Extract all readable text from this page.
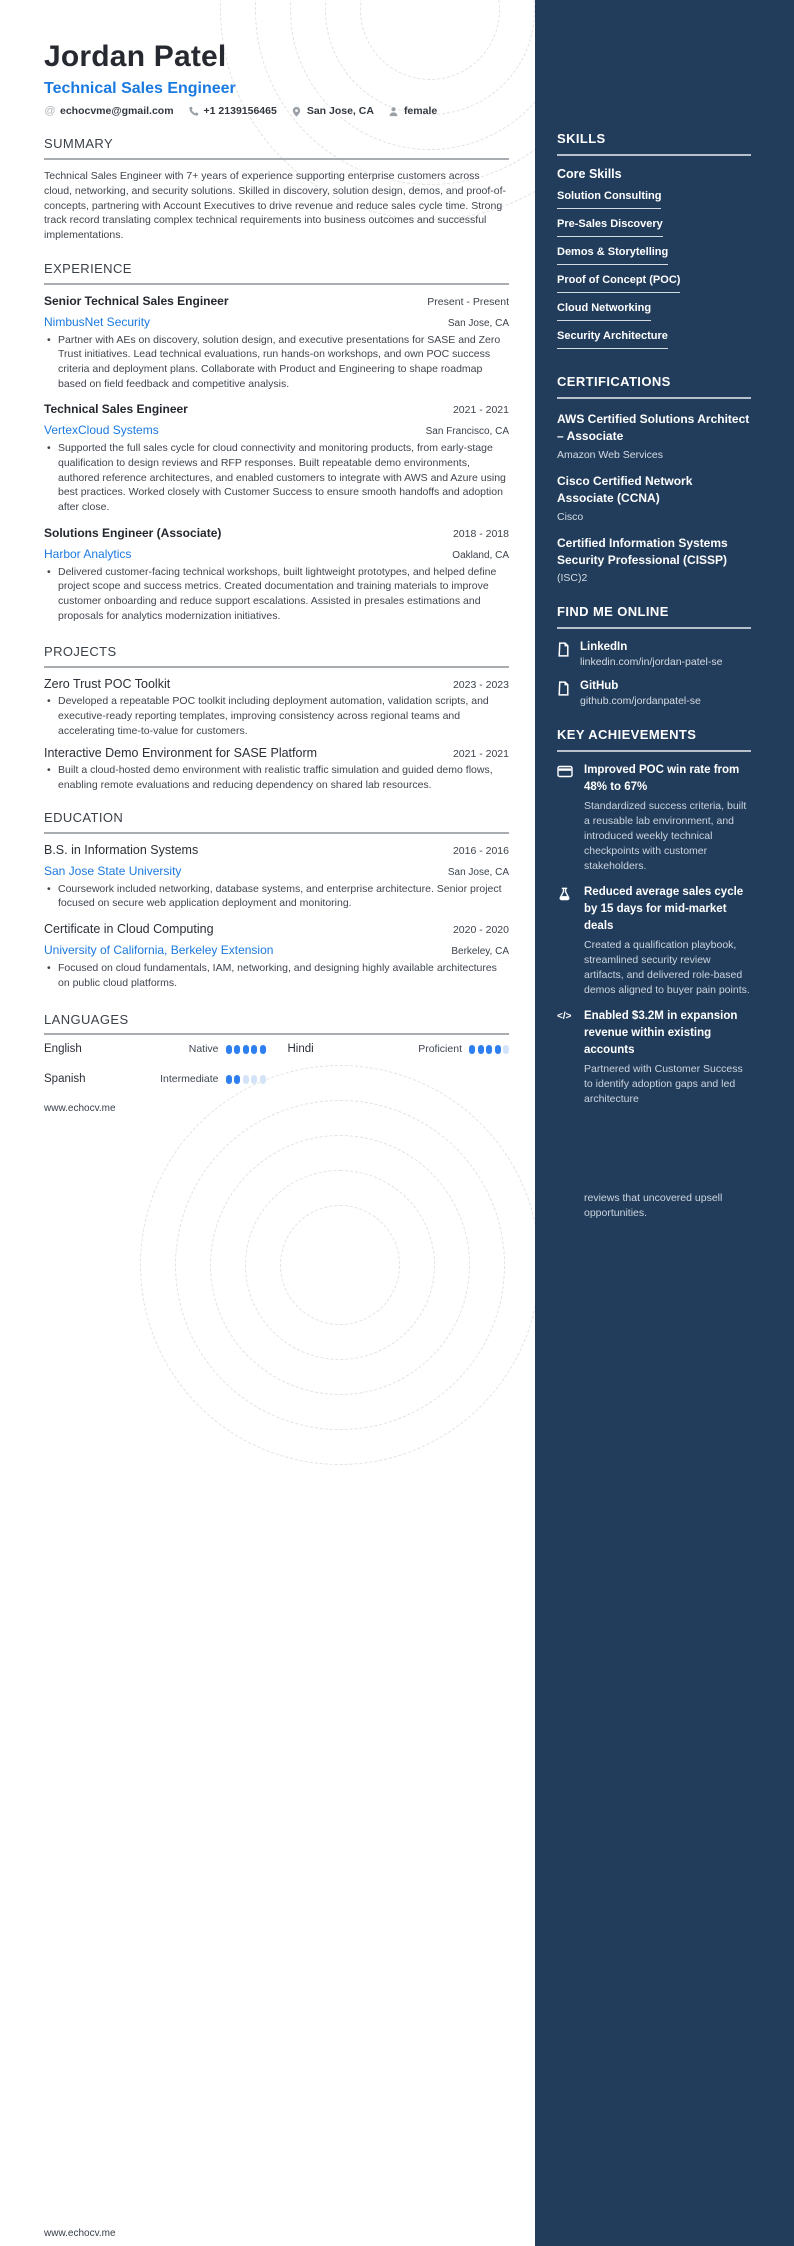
Jordan Patel
Technical Sales Engineer
@ echocvme@gmail.com	+1 2139156465	San Jose, CA	female
SUMMARY
Technical Sales Engineer with 7+ years of experience supporting enterprise customers across cloud, networking, and security solutions. Skilled in discovery, solution design, demos, and proof-of-concepts, partnering with Account Executives to drive revenue and reduce sales cycle time. Strong track record translating complex technical requirements into business outcomes and successful implementations.
EXPERIENCE
Senior Technical Sales Engineer	Present - Present
NimbusNet Security	San Jose, CA
• Partner with AEs on discovery, solution design, and executive presentations for SASE and Zero Trust initiatives. Lead technical evaluations, run hands-on workshops, and own POC success criteria and deployment plans. Collaborate with Product and Engineering to shape roadmap based on field feedback and competitive analysis.
Technical Sales Engineer	2021 - 2021
VertexCloud Systems	San Francisco, CA
• Supported the full sales cycle for cloud connectivity and monitoring products, from early-stage qualification to design reviews and RFP responses. Built repeatable demo environments, authored reference architectures, and enabled customers to integrate with AWS and Azure using best practices. Worked closely with Customer Success to ensure smooth handoffs and adoption after close.
Solutions Engineer (Associate)	2018 - 2018
Harbor Analytics	Oakland, CA
• Delivered customer-facing technical workshops, built lightweight prototypes, and helped define project scope and success metrics. Created documentation and training materials to improve customer onboarding and reduce support escalations. Assisted in presales estimations and proposals for analytics modernization initiatives.
PROJECTS
Zero Trust POC Toolkit	2023 - 2023
• Developed a repeatable POC toolkit including deployment automation, validation scripts, and executive-ready reporting templates, improving consistency across regional teams and accelerating time-to-value for customers.
Interactive Demo Environment for SASE Platform	2021 - 2021
• Built a cloud-hosted demo environment with realistic traffic simulation and guided demo flows, enabling remote evaluations and reducing dependency on shared lab resources.
EDUCATION
B.S. in Information Systems	2016 - 2016
San Jose State University	San Jose, CA
• Coursework included networking, database systems, and enterprise architecture. Senior project focused on secure web application deployment and monitoring.
Certificate in Cloud Computing	2020 - 2020
University of California, Berkeley Extension	Berkeley, CA
• Focused on cloud fundamentals, IAM, networking, and designing highly available architectures on public cloud platforms.
LANGUAGES
English	Native	Hindi	Proficient
Spanish	Intermediate
www.echocv.me
www.echocv.me
SKILLS
Core Skills
Solution Consulting
Pre-Sales Discovery
Demos & Storytelling
Proof of Concept (POC)
Cloud Networking
Security Architecture
CERTIFICATIONS
AWS Certified Solutions Architect – Associate
Amazon Web Services
Cisco Certified Network Associate (CCNA)
Cisco
Certified Information Systems Security Professional (CISSP)
(ISC)2
FIND ME ONLINE
LinkedIn
linkedin.com/in/jordan-patel-se
GitHub
github.com/jordanpatel-se
KEY ACHIEVEMENTS
Improved POC win rate from 48% to 67%
Standardized success criteria, built a reusable lab environment, and introduced weekly technical checkpoints with customer stakeholders.
Reduced average sales cycle by 15 days for mid-market deals
Created a qualification playbook, streamlined security review artifacts, and delivered role-based demos aligned to buyer pain points.
</>	Enabled $3.2M in expansion revenue within existing accounts
Partnered with Customer Success to identify adoption gaps and led architecture
reviews that uncovered upsell opportunities.
